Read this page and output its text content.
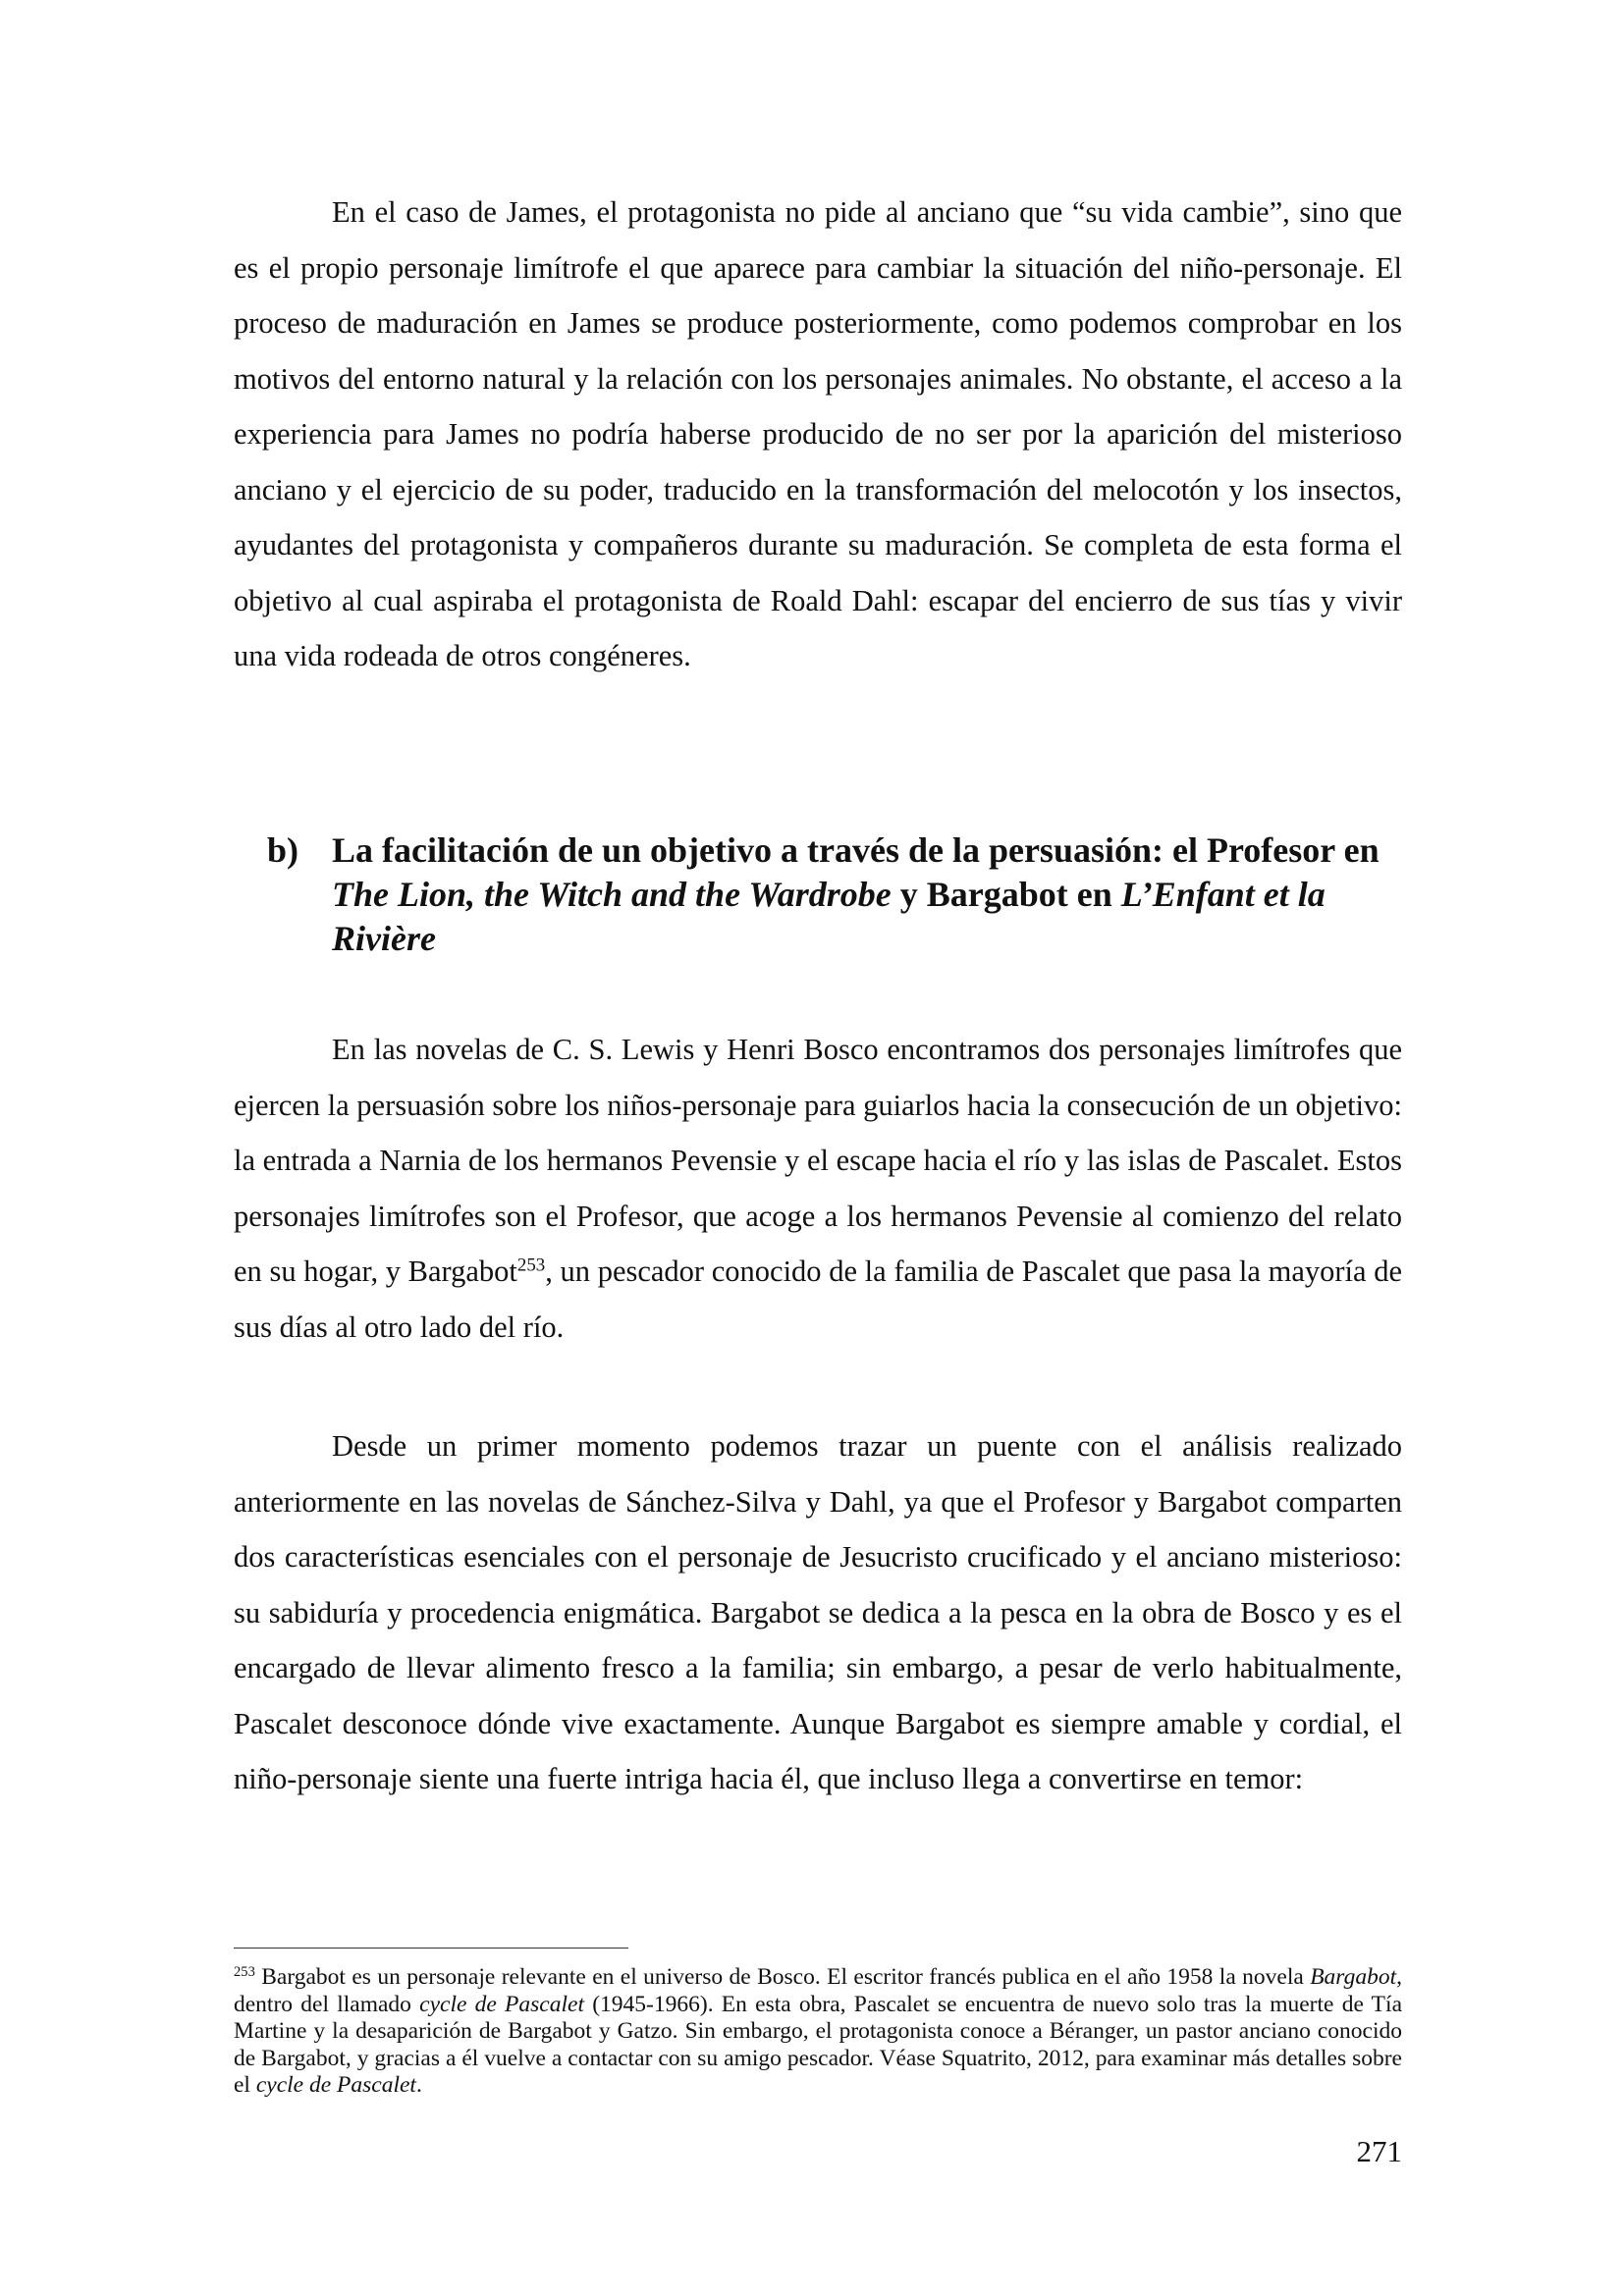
En el caso de James, el protagonista no pide al anciano que “su vida cambie”, sino que es el propio personaje limítrofe el que aparece para cambiar la situación del niño-personaje. El proceso de maduración en James se produce posteriormente, como podemos comprobar en los motivos del entorno natural y la relación con los personajes animales. No obstante, el acceso a la experiencia para James no podría haberse producido de no ser por la aparición del misterioso anciano y el ejercicio de su poder, traducido en la transformación del melocotón y los insectos, ayudantes del protagonista y compañeros durante su maduración. Se completa de esta forma el objetivo al cual aspiraba el protagonista de Roald Dahl: escapar del encierro de sus tías y vivir una vida rodeada de otros congéneres.

b) La facilitación de un objetivo a través de la persuasión: el Profesor en The Lion, the Witch and the Wardrobe y Bargabot en L’Enfant et la Rivière

En las novelas de C. S. Lewis y Henri Bosco encontramos dos personajes limítrofes que ejercen la persuasión sobre los niños-personaje para guiarlos hacia la consecución de un objetivo: la entrada a Narnia de los hermanos Pevensie y el escape hacia el río y las islas de Pascalet. Estos personajes limítrofes son el Profesor, que acoge a los hermanos Pevensie al comienzo del relato en su hogar, y Bargabot$^{253}$, un pescador conocido de la familia de Pascalet que pasa la mayoría de sus días al otro lado del río.

Desde un primer momento podemos trazar un puente con el análisis realizado anteriormente en las novelas de Sánchez-Silva y Dahl, ya que el Profesor y Bargabot comparten dos características esenciales con el personaje de Jesucristo crucificado y el anciano misterioso: su sabiduría y procedencia enigmática. Bargabot se dedica a la pesca en la obra de Bosco y es el encargado de llevar alimento fresco a la familia; sin embargo, a pesar de verlo habitualmente, Pascalet desconoce dónde vive exactamente. Aunque Bargabot es siempre amable y cordial, el niño-personaje siente una fuerte intriga hacia él, que incluso llega a convertirse en temor:

$^{253}$ Bargabot es un personaje relevante en el universo de Bosco. El escritor francés publica en el año 1958 la novela Bargabot, dentro del llamado cycle de Pascalet (1945-1966). En esta obra, Pascalet se encuentra de nuevo solo tras la muerte de Tía Martine y la desaparición de Bargabot y Gatzo. Sin embargo, el protagonista conoce a Béranger, un pastor anciano conocido de Bargabot, y gracias a él vuelve a contactar con su amigo pescador. Véase Squatrito, 2012, para examinar más detalles sobre el cycle de Pascalet.

271
